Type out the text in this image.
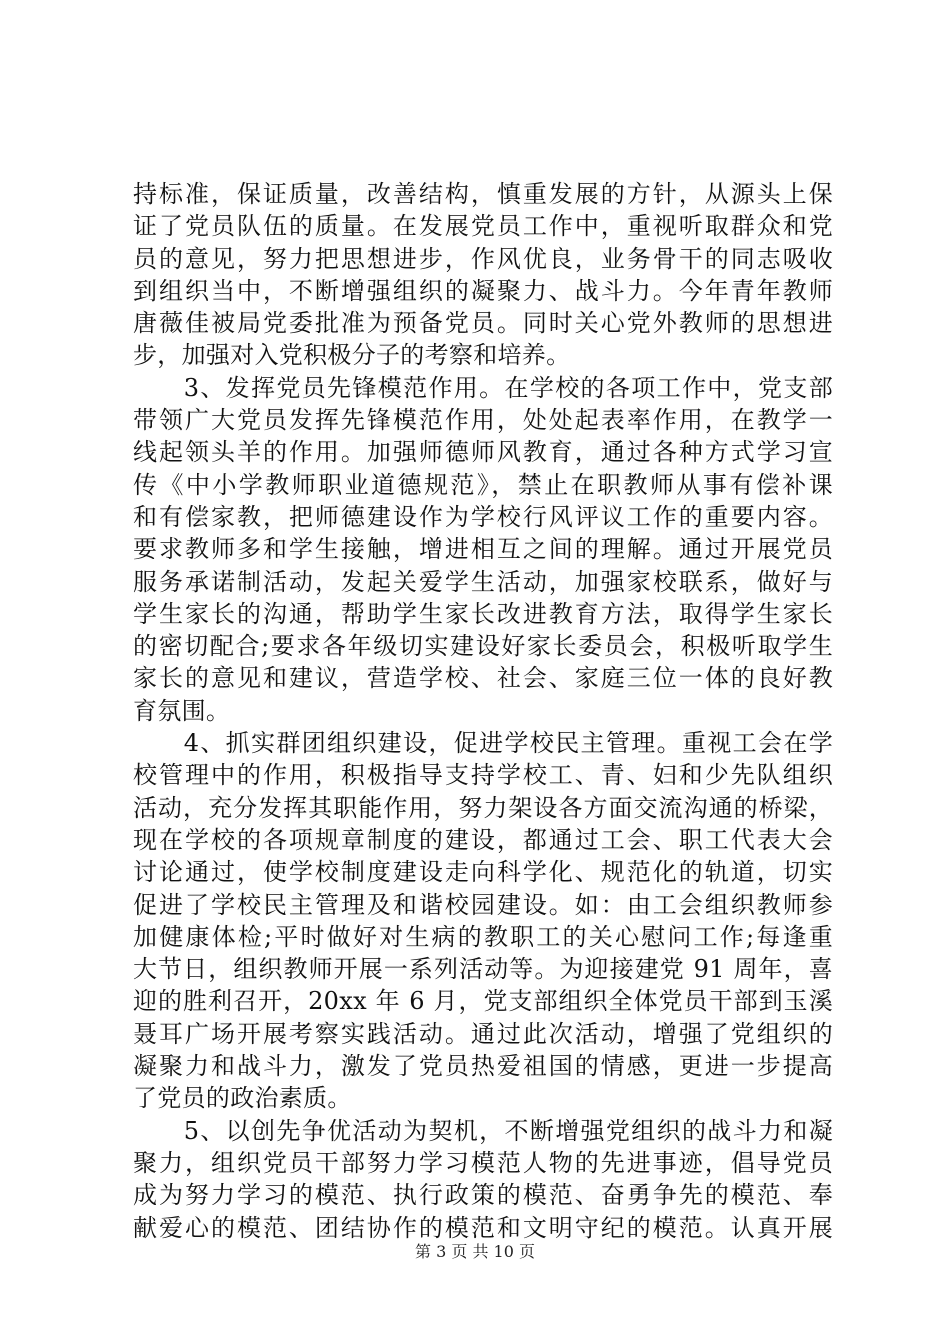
持标准，保证质量，改善结构，慎重发展的方针，从源头上保
证了党员队伍的质量。在发展党员工作中，重视听取群众和党
员的意见，努力把思想进步，作风优良，业务骨干的同志吸收
到组织当中，不断增强组织的凝聚力、战斗力。今年青年教师
唐薇佳被局党委批准为预备党员。同时关心党外教师的思想进
步，加强对入党积极分子的考察和培养。
　　3、发挥党员先锋模范作用。在学校的各项工作中，党支部
带领广大党员发挥先锋模范作用，处处起表率作用，在教学一
线起领头羊的作用。加强师德师风教育，通过各种方式学习宣
传《中小学教师职业道德规范》，禁止在职教师从事有偿补课
和有偿家教，把师德建设作为学校行风评议工作的重要内容。
要求教师多和学生接触，增进相互之间的理解。通过开展党员
服务承诺制活动，发起关爱学生活动，加强家校联系，做好与
学生家长的沟通，帮助学生家长改进教育方法，取得学生家长
的密切配合;要求各年级切实建设好家长委员会，积极听取学生
家长的意见和建议，营造学校、社会、家庭三位一体的良好教
育氛围。
　　4、抓实群团组织建设，促进学校民主管理。重视工会在学
校管理中的作用，积极指导支持学校工、青、妇和少先队组织
活动，充分发挥其职能作用，努力架设各方面交流沟通的桥梁，
现在学校的各项规章制度的建设，都通过工会、职工代表大会
讨论通过，使学校制度建设走向科学化、规范化的轨道，切实
促进了学校民主管理及和谐校园建设。如：由工会组织教师参
加健康体检;平时做好对生病的教职工的关心慰问工作;每逢重
大节日，组织教师开展一系列活动等。为迎接建党 91 周年，喜
迎的胜利召开，20xx 年 6 月，党支部组织全体党员干部到玉溪
聂耳广场开展考察实践活动。通过此次活动，增强了党组织的
凝聚力和战斗力，激发了党员热爱祖国的情感，更进一步提高
了党员的政治素质。
　　5、以创先争优活动为契机，不断增强党组织的战斗力和凝
聚力，组织党员干部努力学习模范人物的先进事迹，倡导党员
成为努力学习的模范、执行政策的模范、奋勇争先的模范、奉
献爱心的模范、团结协作的模范和文明守纪的模范。认真开展
第 3 页 共 10 页
